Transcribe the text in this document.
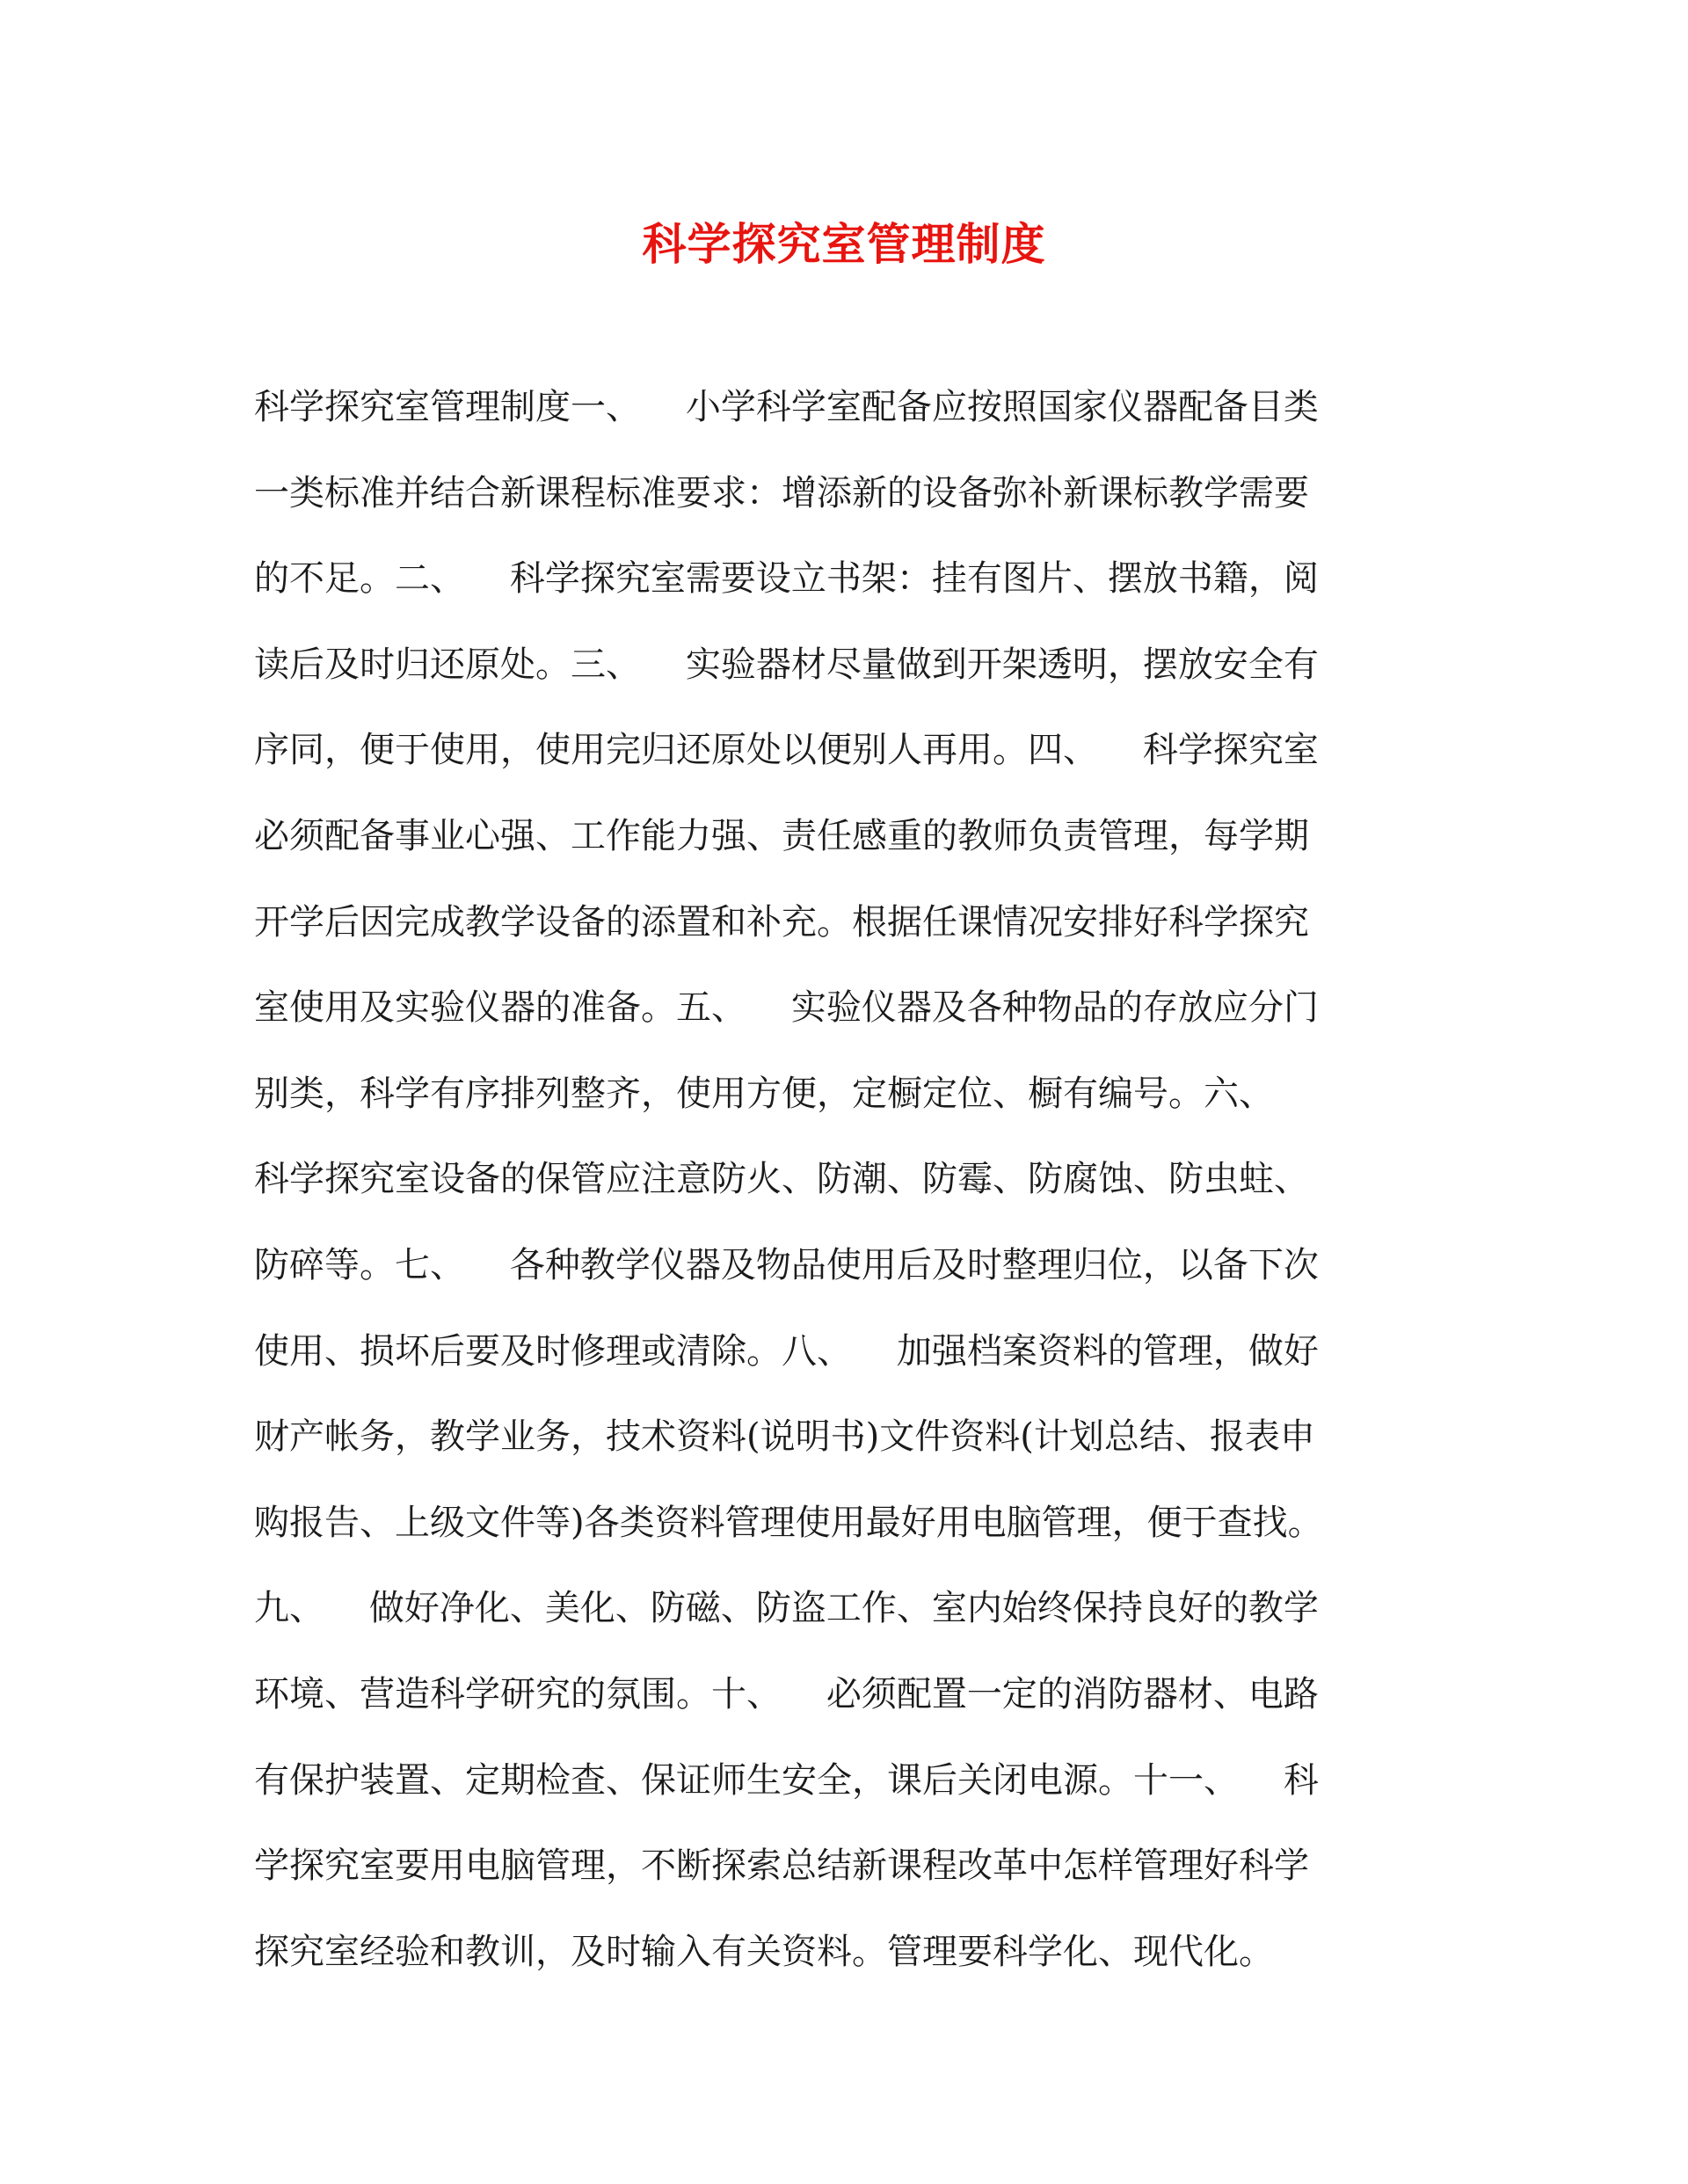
科学探究室管理制度
科学探究室管理制度一、    小学科学室配备应按照国家仪器配备目类
一类标准并结合新课程标准要求：增添新的设备弥补新课标教学需要
的不足。二、    科学探究室需要设立书架：挂有图片、摆放书籍，阅
读后及时归还原处。三、    实验器材尽量做到开架透明，摆放安全有
序同，便于使用，使用完归还原处以便别人再用。四、    科学探究室
必须配备事业心强、工作能力强、责任感重的教师负责管理，每学期
开学后因完成教学设备的添置和补充。根据任课情况安排好科学探究
室使用及实验仪器的准备。五、    实验仪器及各种物品的存放应分门
别类，科学有序排列整齐，使用方便，定橱定位、橱有编号。六、
科学探究室设备的保管应注意防火、防潮、防霉、防腐蚀、防虫蛀、
防碎等。七、    各种教学仪器及物品使用后及时整理归位，以备下次
使用、损坏后要及时修理或清除。八、    加强档案资料的管理，做好
财产帐务，教学业务，技术资料(说明书)文件资料(计划总结、报表申
购报告、上级文件等)各类资料管理使用最好用电脑管理，便于查找。
九、    做好净化、美化、防磁、防盗工作、室内始终保持良好的教学
环境、营造科学研究的氛围。十、    必须配置一定的消防器材、电路
有保护装置、定期检查、保证师生安全，课后关闭电源。十一、    科
学探究室要用电脑管理，不断探索总结新课程改革中怎样管理好科学
探究室经验和教训，及时输入有关资料。管理要科学化、现代化。
